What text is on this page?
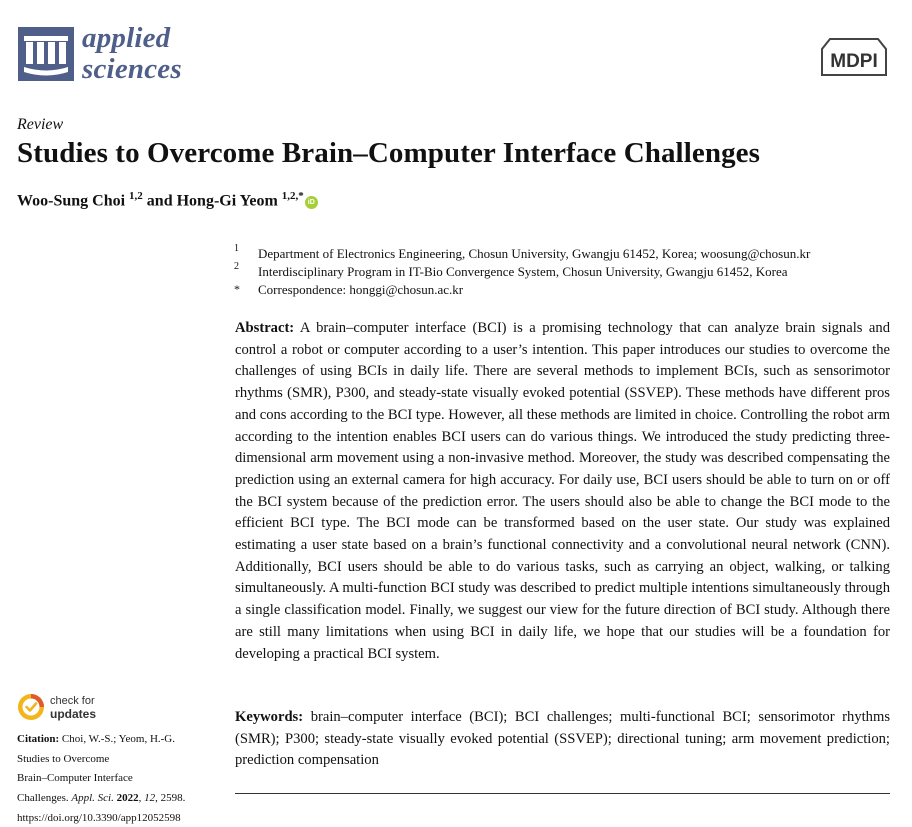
applied
sciences	MDPI
Review
Studies to Overcome Brain–Computer Interface Challenges
Woo-Sung Choi $^{1,2}$ and Hong-Gi Yeom $^{1,2,*}$iD
1 Department of Electronics Engineering, Chosun University, Gwangju 61452, Korea; woosung@chosun.kr
2 Interdisciplinary Program in IT-Bio Convergence System, Chosun University, Gwangju 61452, Korea
* Correspondence: honggi@chosun.ac.kr

Abstract: A brain–computer interface (BCI) is a promising technology that can analyze brain signals and control a robot or computer according to a user’s intention. This paper introduces our studies to overcome the challenges of using BCIs in daily life. There are several methods to implement BCIs, such as sensorimotor rhythms (SMR), P300, and steady-state visually evoked potential (SSVEP). These methods have different pros and cons according to the BCI type. However, all these methods are limited in choice. Controlling the robot arm according to the intention enables BCI users can do various things. We introduced the study predicting three-dimensional arm movement using a non-invasive method. Moreover, the study was described compensating the prediction using an external camera for high accuracy. For daily use, BCI users should be able to turn on or off the BCI system because of the prediction error. The users should also be able to change the BCI mode to the efficient BCI type. The BCI mode can be transformed based on the user state. Our study was explained estimating a user state based on a brain’s functional connectivity and a convolutional neural network (CNN). Additionally, BCI users should be able to do various tasks, such as carrying an object, walking, or talking simultaneously. A multi-function BCI study was described to predict multiple intentions simultaneously through a single classification model. Finally, we suggest our view for the future direction of BCI study. Although there are still many limitations when using BCI in daily life, we hope that our studies will be a foundation for developing a practical BCI system.

Keywords: brain–computer interface (BCI); BCI challenges; multi-functional BCI; sensorimotor rhythms (SMR); P300; steady-state visually evoked potential (SSVEP); directional tuning; arm movement prediction; prediction compensation

check for
updates
Citation: Choi, W.-S.; Yeom, H.-G.
Studies to Overcome
Brain–Computer Interface
Challenges. Appl. Sci. 2022, 12, 2598.
https://doi.org/10.3390/app12052598
